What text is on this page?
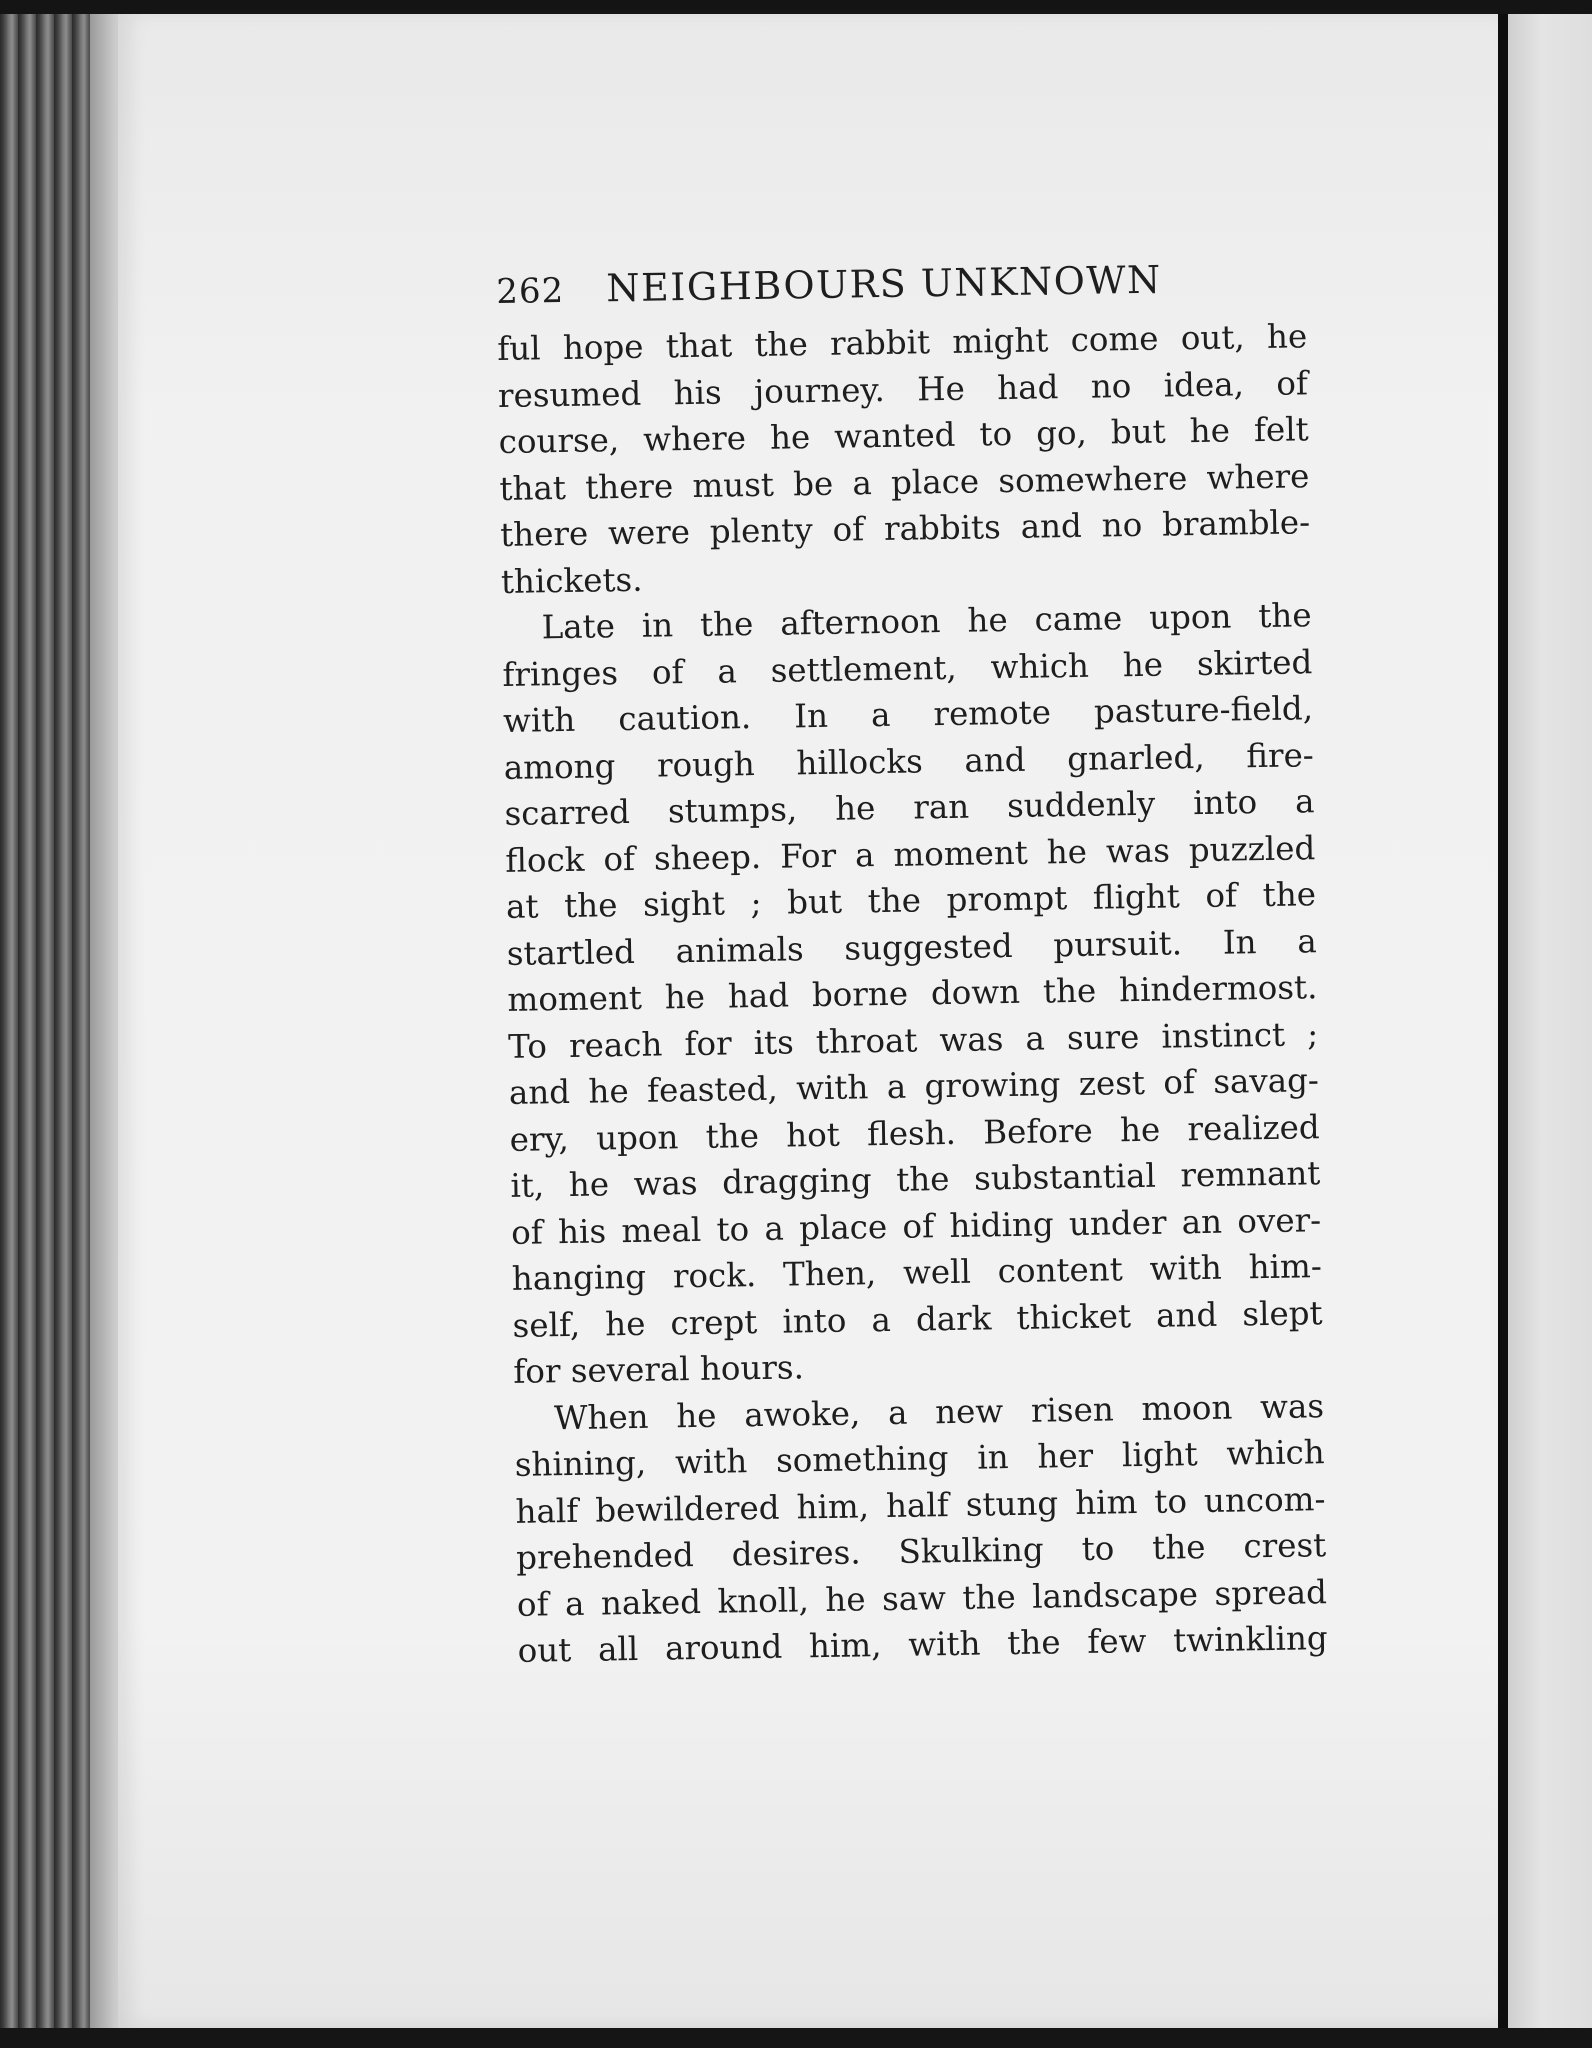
262	NEIGHBOURS UNKNOWN
ful hope that the rabbit might come out, he
resumed his journey. He had no idea, of
course, where he wanted to go, but he felt
that there must be a place somewhere where
there were plenty of rabbits and no bramble-
thickets.
Late in the afternoon he came upon the
fringes of a settlement, which he skirted
with caution. In a remote pasture-field,
among rough hillocks and gnarled, fire-
scarred stumps, he ran suddenly into a
flock of sheep. For a moment he was puzzled
at the sight ; but the prompt flight of the
startled animals suggested pursuit. In a
moment he had borne down the hindermost.
To reach for its throat was a sure instinct ;
and he feasted, with a growing zest of savag-
ery, upon the hot flesh. Before he realized
it, he was dragging the substantial remnant
of his meal to a place of hiding under an over-
hanging rock. Then, well content with him-
self, he crept into a dark thicket and slept
for several hours.
When he awoke, a new risen moon was
shining, with something in her light which
half bewildered him, half stung him to uncom-
prehended desires. Skulking to the crest
of a naked knoll, he saw the landscape spread
out all around him, with the few twinkling
